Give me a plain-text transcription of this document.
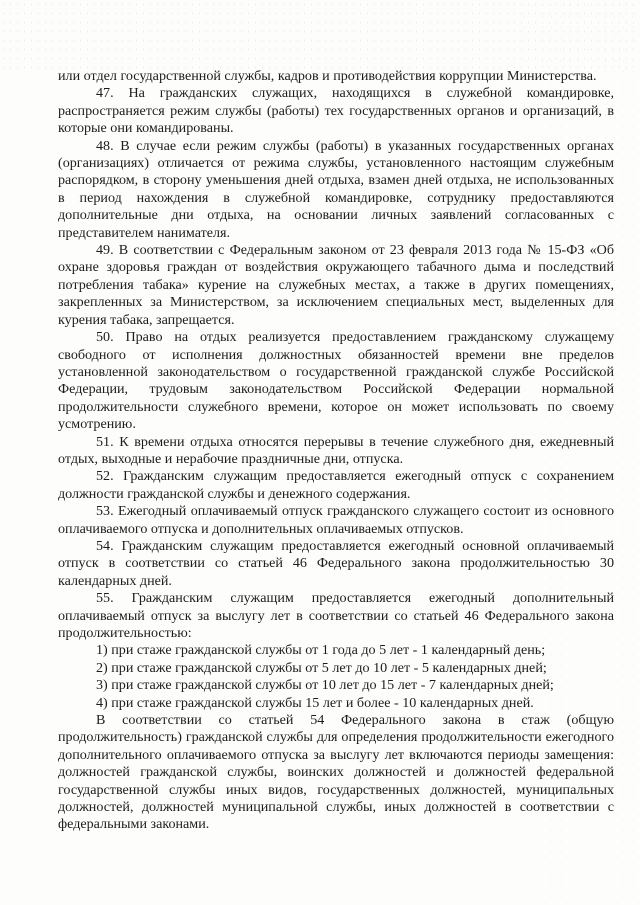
или отдел государственной службы, кадров и противодействия коррупции Министерства.

47. На гражданских служащих, находящихся в служебной командировке, распространяется режим службы (работы) тех государственных органов и организаций, в которые они командированы.

48. В случае если режим службы (работы) в указанных государственных органах (организациях) отличается от режима службы, установленного настоящим служебным распорядком, в сторону уменьшения дней отдыха, взамен дней отдыха, не использованных в период нахождения в служебной командировке, сотруднику предоставляются дополнительные дни отдыха, на основании личных заявлений согласованных с представителем нанимателя.

49. В соответствии с Федеральным законом от 23 февраля 2013 года № 15-ФЗ «Об охране здоровья граждан от воздействия окружающего табачного дыма и последствий потребления табака» курение на служебных местах, а также в других помещениях, закрепленных за Министерством, за исключением специальных мест, выделенных для курения табака, запрещается.

50. Право на отдых реализуется предоставлением гражданскому служащему свободного от исполнения должностных обязанностей времени вне пределов установленной законодательством о государственной гражданской службе Российской Федерации, трудовым законодательством Российской Федерации нормальной продолжительности служебного времени, которое он может использовать по своему усмотрению.

51. К времени отдыха относятся перерывы в течение служебного дня, ежедневный отдых, выходные и нерабочие праздничные дни, отпуска.

52. Гражданским служащим предоставляется ежегодный отпуск с сохранением должности гражданской службы и денежного содержания.

53. Ежегодный оплачиваемый отпуск гражданского служащего состоит из основного оплачиваемого отпуска и дополнительных оплачиваемых отпусков.

54. Гражданским служащим предоставляется ежегодный основной оплачиваемый отпуск в соответствии со статьей 46 Федерального закона продолжительностью 30 календарных дней.

55. Гражданским служащим предоставляется ежегодный дополнительный оплачиваемый отпуск за выслугу лет в соответствии со статьей 46 Федерального закона продолжительностью:

1) при стаже гражданской службы от 1 года до 5 лет - 1 календарный день;

2) при стаже гражданской службы от 5 лет до 10 лет - 5 календарных дней;

3) при стаже гражданской службы от 10 лет до 15 лет - 7 календарных дней;

4) при стаже гражданской службы 15 лет и более - 10 календарных дней.

В соответствии со статьей 54 Федерального закона в стаж (общую продолжительность) гражданской службы для определения продолжительности ежегодного дополнительного оплачиваемого отпуска за выслугу лет включаются периоды замещения: должностей гражданской службы, воинских должностей и должностей федеральной государственной службы иных видов, государственных должностей, муниципальных должностей, должностей муниципальной службы, иных должностей в соответствии с федеральными законами.
